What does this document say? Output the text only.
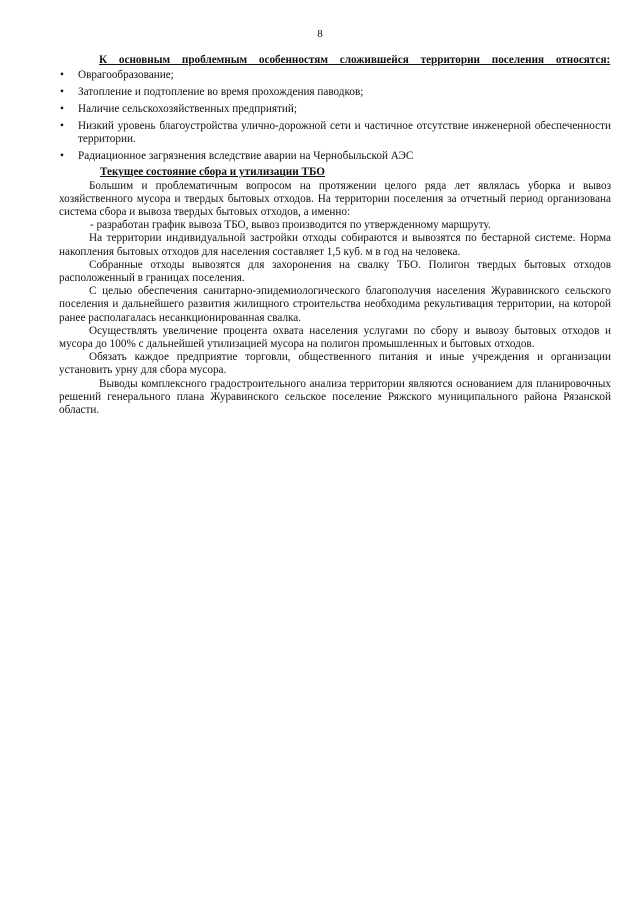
8

К основным проблемным особенностям сложившейся территории поселения относятся:

• Оврагообразование;
• Затопление и подтопление во время прохождения паводков;
• Наличие сельскохозяйственных предприятий;
• Низкий уровень благоустройства улично-дорожной сети и частичное отсутствие инженерной обеспеченности территории.
• Радиационное загрязнения вследствие аварии на Чернобыльской АЭС

Текущее состояние сбора и утилизации ТБО

Большим и проблематичным вопросом на протяжении целого ряда лет являлась уборка и вывоз хозяйственного мусора и твердых бытовых отходов. На территории поселения за отчетный период организована система сбора и вывоза твердых бытовых отходов, а именно:

- разработан график вывоза ТБО, вывоз производится по утвержденному маршруту.

На территории индивидуальной застройки отходы собираются и вывозятся по бестарной системе. Норма накопления бытовых отходов для населения составляет 1,5 куб. м в год на человека.

Собранные отходы вывозятся для захоронения на свалку ТБО. Полигон твердых бытовых отходов расположенный в границах поселения.

С целью обеспечения санитарно-эпидемиологического благополучия населения Журавинского сельского поселения и дальнейшего развития жилищного строительства необходима рекультивация территории, на которой ранее располагалась несанкционированная свалка.

Осуществлять увеличение процента охвата населения услугами по сбору и вывозу бытовых отходов и мусора до 100% с дальнейшей утилизацией мусора на полигон промышленных и бытовых отходов.

Обязать каждое предприятие торговли, общественного питания и иные учреждения и организации установить урну для сбора мусора.

Выводы комплексного градостроительного анализа территории являются основанием для планировочных решений генерального плана Журавинского сельское поселение Ряжского муниципального района Рязанской области.
